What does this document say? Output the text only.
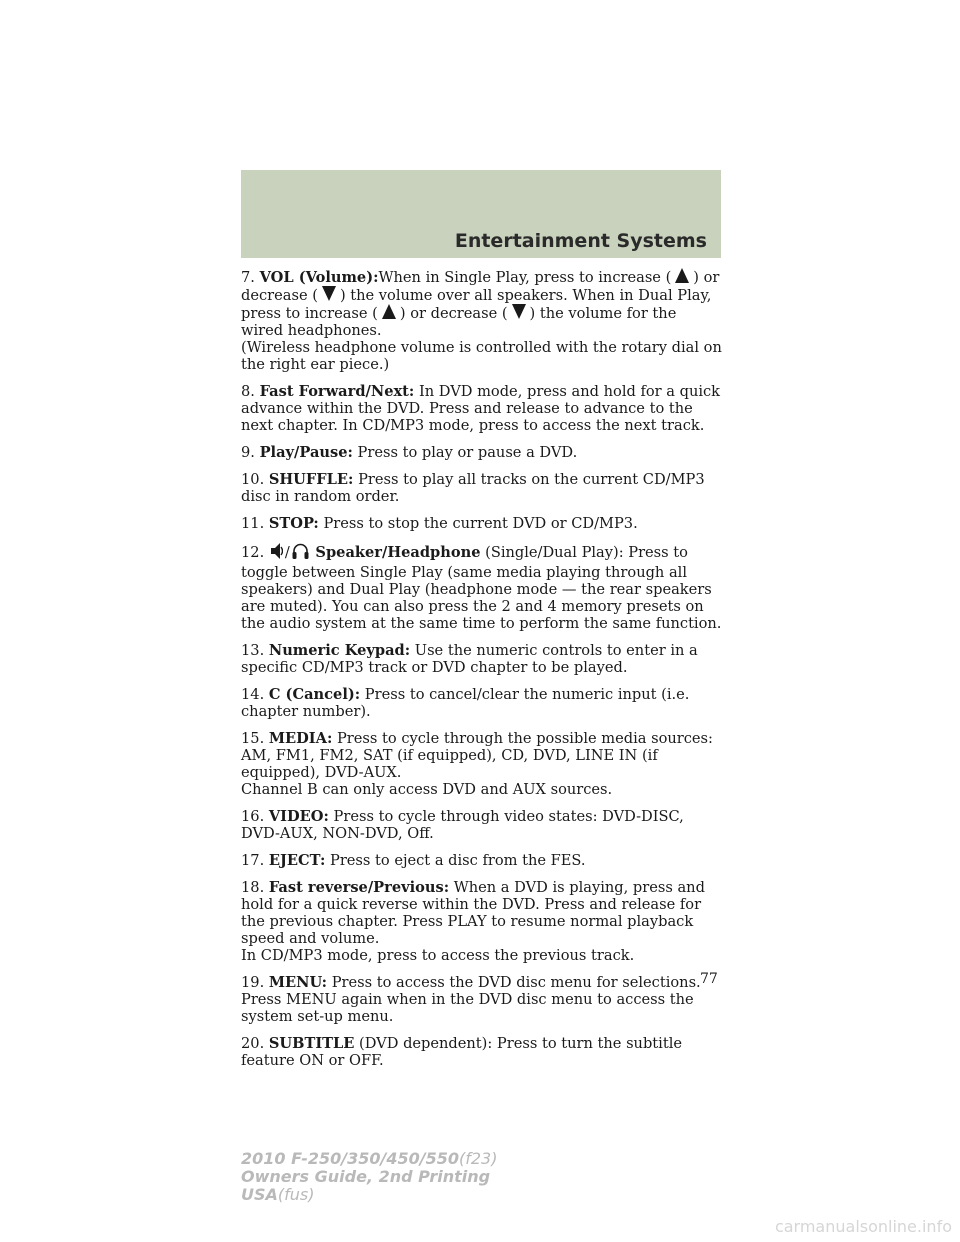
Entertainment Systems
7. VOL (Volume):When in Single Play, press to increase ( ) or decrease ( ) the volume over all speakers. When in Dual Play, press to increase ( ) or decrease ( ) the volume for the wired headphones.
(Wireless headphone volume is controlled with the rotary dial on the right ear piece.)
8. Fast Forward/Next: In DVD mode, press and hold for a quick advance within the DVD. Press and release to advance to the next chapter. In CD/MP3 mode, press to access the next track.
9. Play/Pause: Press to play or pause a DVD.
10. SHUFFLE: Press to play all tracks on the current CD/MP3 disc in random order.
11. STOP: Press to stop the current DVD or CD/MP3.
12. / Speaker/Headphone (Single/Dual Play): Press to toggle between Single Play (same media playing through all speakers) and Dual Play (headphone mode — the rear speakers are muted). You can also press the 2 and 4 memory presets on the audio system at the same time to perform the same function.
13. Numeric Keypad: Use the numeric controls to enter in a specific CD/MP3 track or DVD chapter to be played.
14. C (Cancel): Press to cancel/clear the numeric input (i.e. chapter number).
15. MEDIA: Press to cycle through the possible media sources: AM, FM1, FM2, SAT (if equipped), CD, DVD, LINE IN (if equipped), DVD-AUX.
Channel B can only access DVD and AUX sources.
16. VIDEO: Press to cycle through video states: DVD-DISC, DVD-AUX, NON-DVD, Off.
17. EJECT: Press to eject a disc from the FES.
18. Fast reverse/Previous: When a DVD is playing, press and hold for a quick reverse within the DVD. Press and release for the previous chapter. Press PLAY to resume normal playback speed and volume.
In CD/MP3 mode, press to access the previous track.
19. MENU: Press to access the DVD disc menu for selections. Press MENU again when in the DVD disc menu to access the system set-up menu.
20. SUBTITLE (DVD dependent): Press to turn the subtitle feature ON or OFF.
77
2010 F-250/350/450/550(f23)
Owners Guide, 2nd Printing
USA(fus)
carmanualsonline.info
